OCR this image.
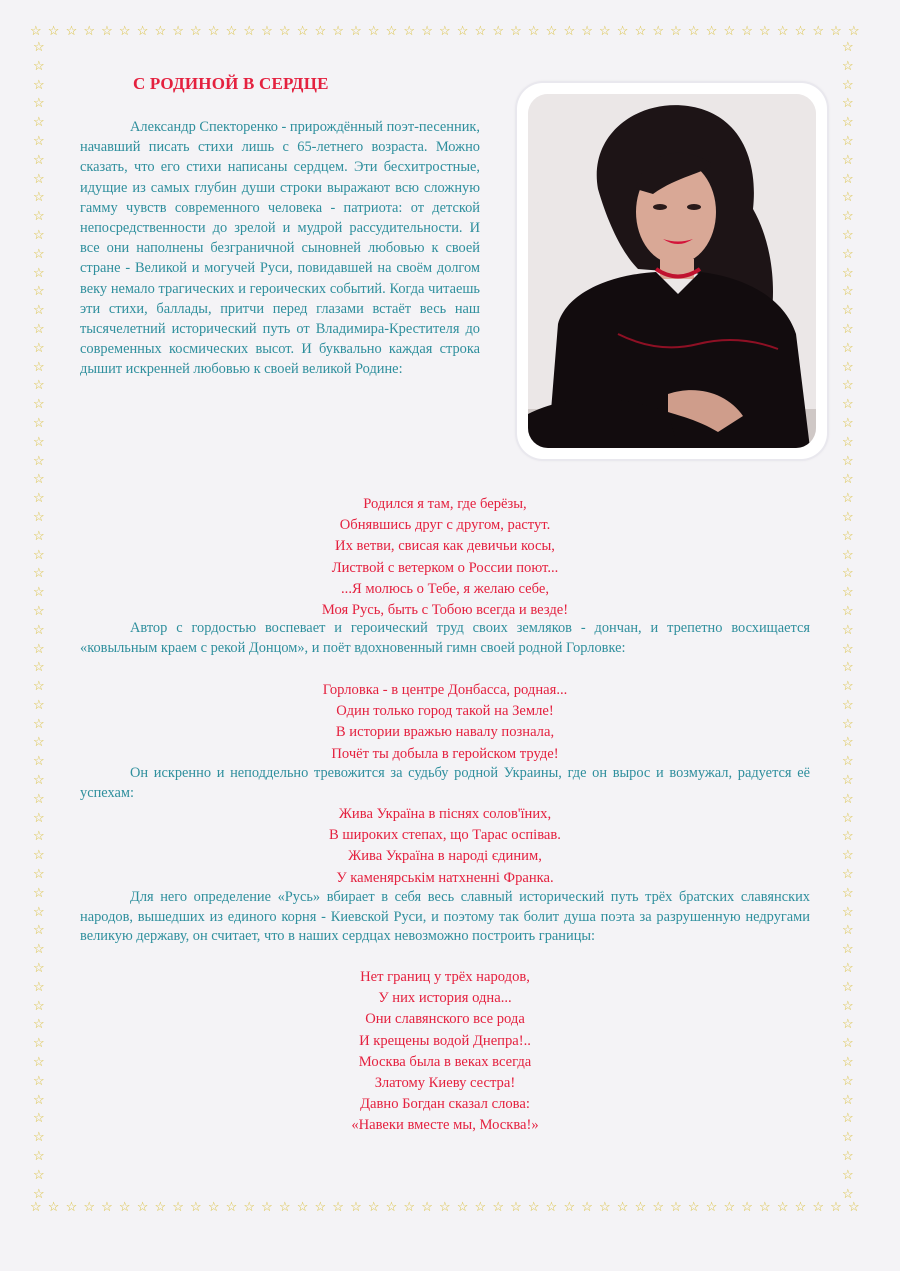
☆ ☆ ☆ ☆ ☆ ☆ ☆ ☆ ☆ ☆ ☆ ☆ ☆ ☆ ☆ ☆ ☆ ☆ ☆ ☆ ☆ ☆ ☆ ☆ ☆ ☆ ☆ ☆ ☆ ☆ ☆ ☆ ☆ ☆ ☆ ☆ ☆ ☆ ☆ ☆ ☆ ☆ ☆ ☆ ☆ ☆ ☆
☆ ☆ ☆ ☆ ☆ ☆ ☆ ☆ ☆ ☆ ☆ ☆ ☆ ☆ ☆ ☆ ☆ ☆ ☆ ☆ ☆ ☆ ☆ ☆ ☆ ☆ ☆ ☆ ☆ ☆ ☆ ☆ ☆ ☆ ☆ ☆ ☆ ☆ ☆ ☆ ☆ ☆ ☆ ☆ ☆ ☆ ☆
☆
☆
☆
☆
☆
☆
☆
☆
☆
☆
☆
☆
☆
☆
☆
☆
☆
☆
☆
☆
☆
☆
☆
☆
☆
☆
☆
☆
☆
☆
☆
☆
☆
☆
☆
☆
☆
☆
☆
☆
☆
☆
☆
☆
☆
☆
☆
☆
☆
☆
☆
☆
☆
☆
☆
☆
☆
☆
☆
☆
☆
☆
☆
☆
☆
☆
☆
☆
☆
☆
☆
☆
☆
☆
☆
☆
☆
☆
☆
☆
☆
☆
☆
☆
☆
☆
☆
☆
☆
☆
☆
☆
☆
☆
☆
☆
☆
☆
☆
☆
☆
☆
☆
☆
☆
☆
☆
☆
☆
☆
☆
☆
☆
☆
☆
☆
☆
☆
☆
☆
☆
☆
☆
☆
С РОДИНОЙ В СЕРДЦЕ

Александр Спекторенко - прирождённый поэт-песенник, начавший писать стихи лишь с 65-летнего возраста. Можно сказать, что его стихи написаны сердцем. Эти бесхитростные, идущие из самых глубин души строки выражают всю сложную гамму чувств современного человека - патриота: от детской непосредственности до зрелой и мудрой рассудительности. И все они наполнены безграничной сыновней любовью к своей стране - Великой и могучей Руси, повидавшей на своём долгом веку немало трагических и героических событий. Когда читаешь эти стихи, баллады, притчи перед глазами встаёт весь наш тысячелетний исторический путь от Владимира-Крестителя до современных космических высот. И буквально каждая строка дышит искренней любовью к своей великой Родине:

Родился я там, где берёзы,
Обнявшись друг с другом, растут.
Их ветви, свисая как девичьи косы,
Листвой с ветерком о России поют...
...Я молюсь о Тебе, я желаю себе,
Моя Русь, быть с Тобою всегда и везде!

Автор с гордостью воспевает и героический труд своих земляков - дончан, и трепетно восхищается «ковыльным краем с рекой Донцом», и поёт вдохновенный гимн своей родной Горловке:

Горловка - в центре Донбасса, родная...
Один только город такой на Земле!
В истории вражью навалу познала,
Почёт ты добыла в геройском труде!

Он искренно и неподдельно тревожится за судьбу родной Украины, где он вырос и возмужал, радуется её успехам:

Жива Україна в піснях солов'їних,
В широких степах, що Тарас оспівав.
Жива Україна в народі єдиним,
У каменярськім натхненні Франка.

Для него определение «Русь» вбирает в себя весь славный исторический путь трёх братских славянских народов, вышедших из единого корня - Киевской Руси, и поэтому так болит душа поэта за разрушенную недругами великую державу, он считает, что в наших сердцах невозможно построить границы:

Нет границ у трёх народов,
У них история одна...
Они славянского все рода
И крещены водой Днепра!..
Москва была в веках всегда
Златому Киеву сестра!
Давно Богдан сказал слова:
«Навеки вместе мы, Москва!»
